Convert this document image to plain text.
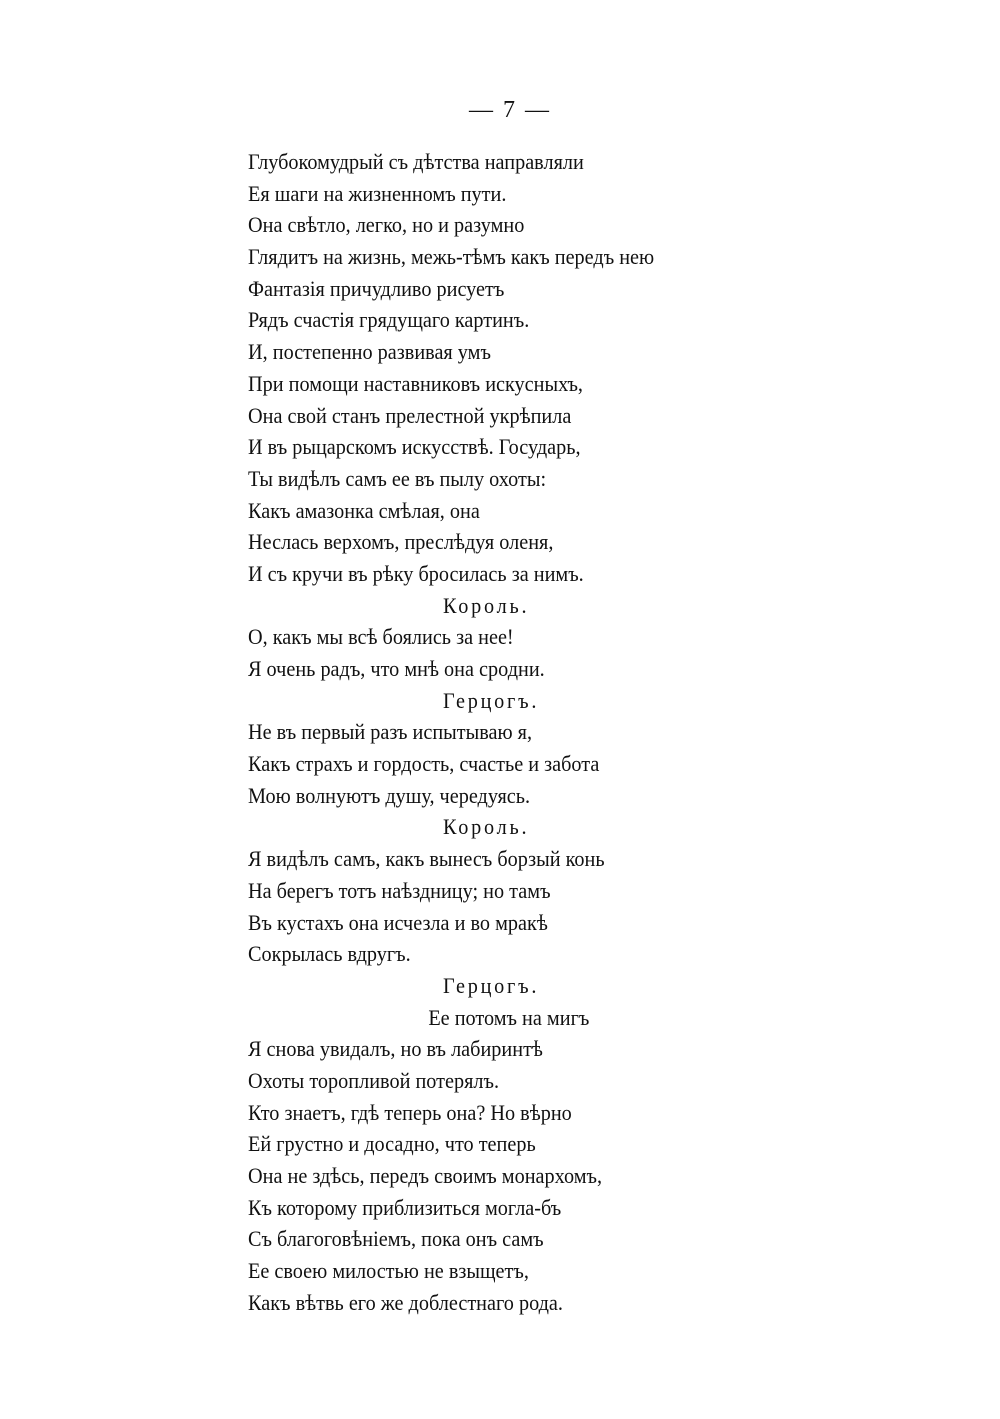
— 7 —
Глубокомудрый съ дѣтства направляли
Ея шаги на жизненномъ пути.
Она свѣтло, легко, но и разумно
Глядитъ на жизнь, межь-тѣмъ какъ передъ нею
Фантазія причудливо рисуетъ
Рядъ счастія грядущаго картинъ.
И, постепенно развивая умъ
При помощи наставниковъ искусныхъ,
Она свой станъ прелестной укрѣпила
И въ рыцарскомъ искусствѣ. Государь,
Ты видѣлъ самъ ее въ пылу охоты:
Какъ амазонка смѣлая, она
Неслась верхомъ, преслѣдуя оленя,
И съ кручи въ рѣку бросилась за нимъ.
Король.
О, какъ мы всѣ боялись за нее!
Я очень радъ, что мнѣ она сродни.
Герцогъ.
Не въ первый разъ испытываю я,
Какъ страхъ и гордость, счастье и забота
Мою волнуютъ душу, чередуясь.
Король.
Я видѣлъ самъ, какъ вынесъ борзый конь
На берегъ тотъ наѣздницу; но тамъ
Въ кустахъ она исчезла и во мракѣ
Сокрылась вдругъ.
Герцогъ.
Ее потомъ на мигъ
Я снова увидалъ, но въ лабиринтѣ
Охоты торопливой потерялъ.
Кто знаетъ, гдѣ теперь она? Но вѣрно
Ей грустно и досадно, что теперь
Она не здѣсь, передъ своимъ монархомъ,
Къ которому приблизиться могла-бъ
Съ благоговѣніемъ, пока онъ самъ
Ее своею милостью не взыщетъ,
Какъ вѣтвь его же доблестнаго рода.
